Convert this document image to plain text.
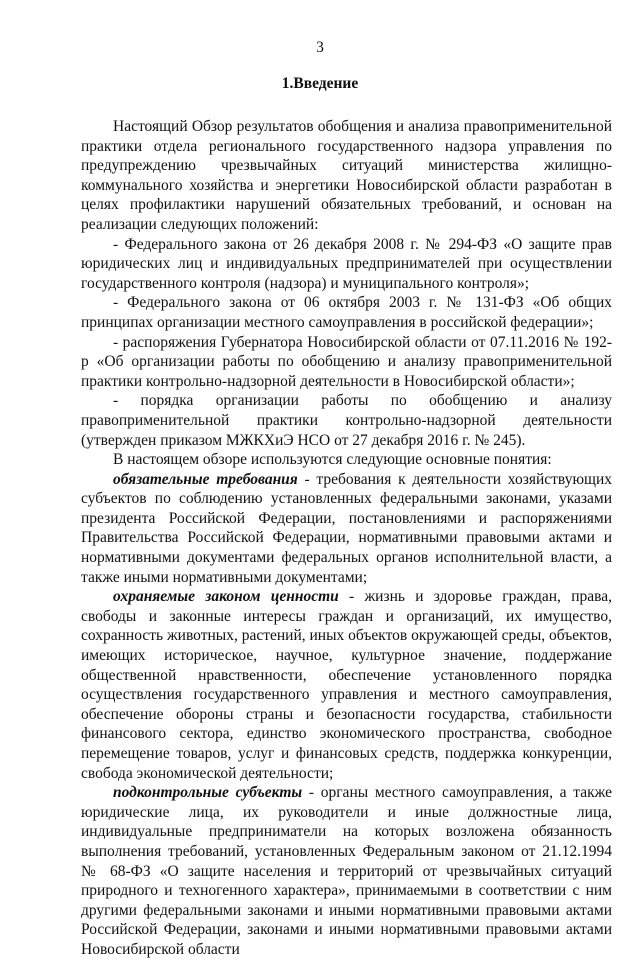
3
1.Введение

Настоящий Обзор результатов обобщения и анализа правоприменительной практики отдела регионального государственного надзора управления по предупреждению чрезвычайных ситуаций министерства жилищно-коммунального хозяйства и энергетики Новосибирской области разработан в целях профилактики нарушений обязательных требований, и основан на реализации следующих положений:

- Федерального закона от 26 декабря 2008 г. № 294-ФЗ «О защите прав юридических лиц и индивидуальных предпринимателей при осуществлении государственного контроля (надзора) и муниципального контроля»;

- Федерального закона от 06 октября 2003 г. № 131-ФЗ «Об общих принципах организации местного самоуправления в российской федерации»;

- распоряжения Губернатора Новосибирской области от 07.11.2016 № 192-р «Об организации работы по обобщению и анализу правоприменительной практики контрольно-надзорной деятельности в Новосибирской области»;

- порядка организации работы по обобщению и анализу правоприменительной практики контрольно-надзорной деятельности (утвержден приказом МЖКХиЭ НСО от 27 декабря 2016 г. № 245).

В настоящем обзоре используются следующие основные понятия:

обязательные требования - требования к деятельности хозяйствующих субъектов по соблюдению установленных федеральными законами, указами президента Российской Федерации, постановлениями и распоряжениями Правительства Российской Федерации, нормативными правовыми актами и нормативными документами федеральных органов исполнительной власти, а также иными нормативными документами;

охраняемые законом ценности - жизнь и здоровье граждан, права, свободы и законные интересы граждан и организаций, их имущество, сохранность животных, растений, иных объектов окружающей среды, объектов, имеющих историческое, научное, культурное значение, поддержание общественной нравственности, обеспечение установленного порядка осуществления государственного управления и местного самоуправления, обеспечение обороны страны и безопасности государства, стабильности финансового сектора, единство экономического пространства, свободное перемещение товаров, услуг и финансовых средств, поддержка конкуренции, свобода экономической деятельности;

подконтрольные субъекты - органы местного самоуправления, а также юридические лица, их руководители и иные должностные лица, индивидуальные предприниматели на которых возложена обязанность выполнения требований, установленных Федеральным законом от 21.12.1994 № 68-ФЗ «О защите населения и территорий от чрезвычайных ситуаций природного и техногенного характера», принимаемыми в соответствии с ним другими федеральными законами и иными нормативными правовыми актами Российской Федерации, законами и иными нормативными правовыми актами Новосибирской области
